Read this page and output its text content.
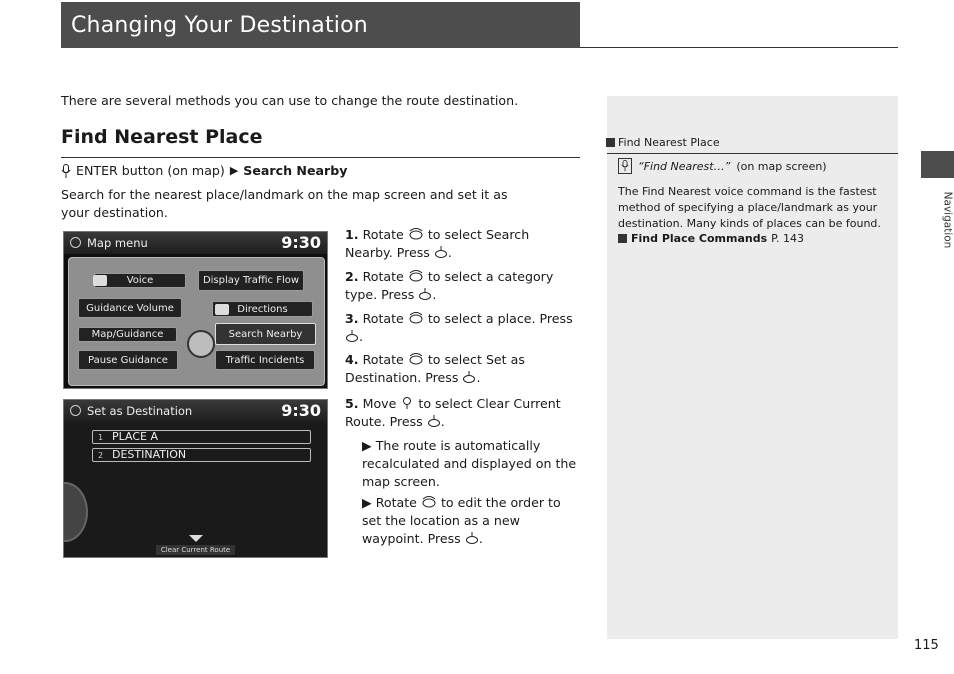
Changing Your Destination
There are several methods you can use to change the route destination.
Find Nearest Place
ENTER button (on map) ▶ Search Nearby
Search for the nearest place/landmark on the map screen and set it as your destination.
Map menu	9:30
Voice	Display Traffic Flow
Guidance Volume	Directions
Map/Guidance	Search Nearby
Pause Guidance	Traffic Incidents
Set as Destination	9:30
1 PLACE A
2 DESTINATION
Clear Current Route
1. Rotate to select Search Nearby. Press .
2. Rotate to select a category type. Press .
3. Rotate to select a place. Press .
4. Rotate to select Set as Destination. Press .
5. Move to select Clear Current Route. Press .
▶ The route is automatically recalculated and displayed on the map screen.
▶ Rotate to edit the order to set the location as a new waypoint. Press .
Find Nearest Place
“Find Nearest…” (on map screen)
The Find Nearest voice command is the fastest method of specifying a place/landmark as your destination. Many kinds of places can be found.
Find Place Commands P. 143	Navigation
115
